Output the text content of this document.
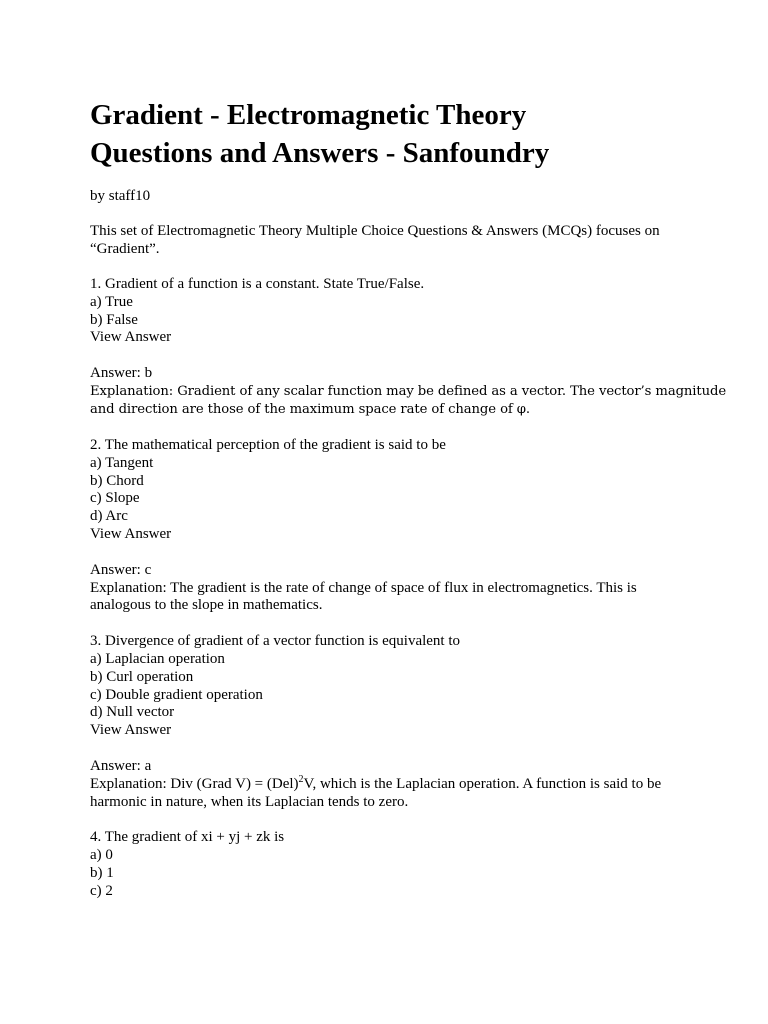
Gradient - Electromagnetic Theory
Questions and Answers - Sanfoundry
by staff10
This set of Electromagnetic Theory Multiple Choice Questions & Answers (MCQs) focuses on
“Gradient”.
1. Gradient of a function is a constant. State True/False.
a) True
b) False
View Answer
Answer: b
Explanation: Gradient of any scalar function may be defined as a vector. The vector’s magnitude
and direction are those of the maximum space rate of change of φ.
2. The mathematical perception of the gradient is said to be
a) Tangent
b) Chord
c) Slope
d) Arc
View Answer
Answer: c
Explanation: The gradient is the rate of change of space of flux in electromagnetics. This is
analogous to the slope in mathematics.
3. Divergence of gradient of a vector function is equivalent to
a) Laplacian operation
b) Curl operation
c) Double gradient operation
d) Null vector
View Answer
Answer: a
Explanation: Div (Grad V) = (Del)$^2$V, which is the Laplacian operation. A function is said to be
harmonic in nature, when its Laplacian tends to zero.
4. The gradient of xi + yj + zk is
a) 0
b) 1
c) 2
